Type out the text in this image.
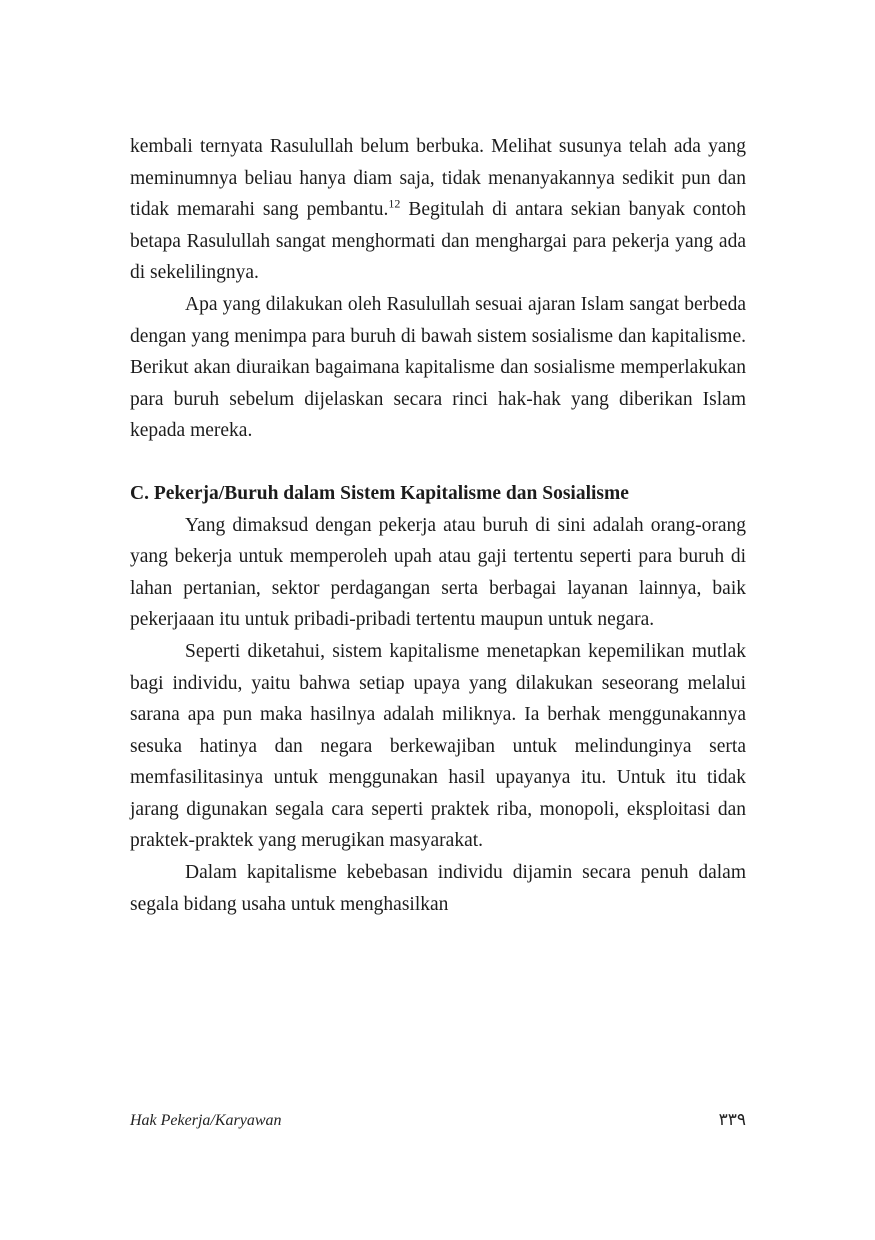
kembali ternyata Rasulullah belum berbuka. Melihat susunya telah ada yang meminumnya beliau hanya diam saja, tidak menanyakannya sedikit pun dan tidak memarahi sang pembantu.$^{12}$ Begitulah di antara sekian banyak contoh betapa Rasulullah sangat menghormati dan menghargai para pekerja yang ada di sekelilingnya.

Apa yang dilakukan oleh Rasulullah sesuai ajaran Islam sangat berbeda dengan yang menimpa para buruh di bawah sistem sosialisme dan kapitalisme. Berikut akan diuraikan bagaimana kapitalisme dan sosialisme memperlakukan para buruh sebelum dijelaskan secara rinci hak-hak yang diberikan Islam kepada mereka.

C. Pekerja/Buruh dalam Sistem Kapitalisme dan Sosialisme

Yang dimaksud dengan pekerja atau buruh di sini adalah orang-orang yang bekerja untuk memperoleh upah atau gaji tertentu seperti para buruh di lahan pertanian, sektor perdagangan serta berbagai layanan lainnya, baik pekerjaaan itu untuk pribadi-pribadi tertentu maupun untuk negara.

Seperti diketahui, sistem kapitalisme menetapkan kepemilikan mutlak bagi individu, yaitu bahwa setiap upaya yang dilakukan seseorang melalui sarana apa pun maka hasilnya adalah miliknya. Ia berhak menggunakannya sesuka hatinya dan negara berkewajiban untuk melindunginya serta memfasilitasinya untuk menggunakan hasil upayanya itu. Untuk itu tidak jarang digunakan segala cara seperti praktek riba, monopoli, eksploitasi dan praktek-praktek yang merugikan masyarakat.

Dalam kapitalisme kebebasan individu dijamin secara penuh dalam segala bidang usaha untuk menghasilkan

Hak Pekerja/Karyawan	٣٣٩
